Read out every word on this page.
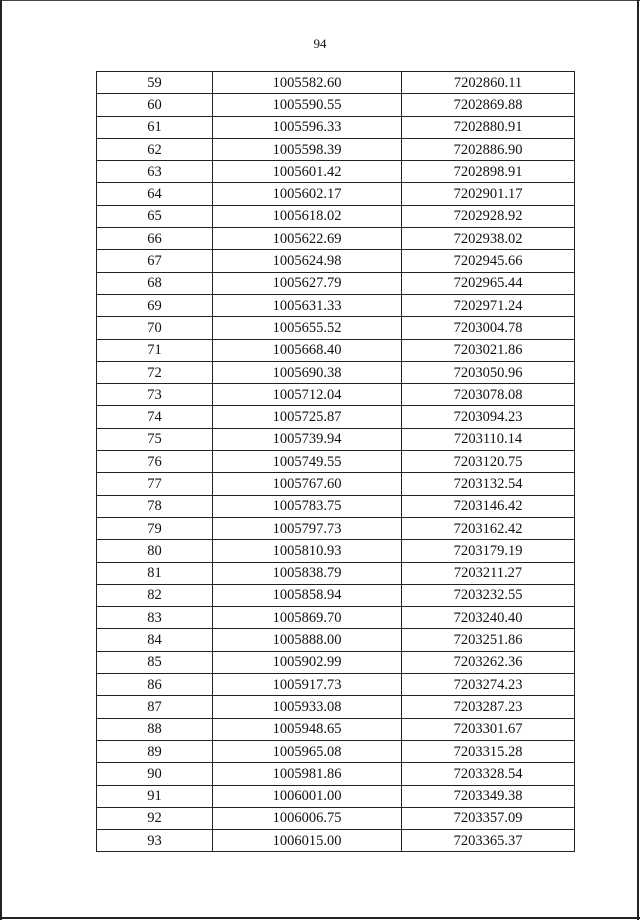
94
59	1005582.60	7202860.11
60	1005590.55	7202869.88
61	1005596.33	7202880.91
62	1005598.39	7202886.90
63	1005601.42	7202898.91
64	1005602.17	7202901.17
65	1005618.02	7202928.92
66	1005622.69	7202938.02
67	1005624.98	7202945.66
68	1005627.79	7202965.44
69	1005631.33	7202971.24
70	1005655.52	7203004.78
71	1005668.40	7203021.86
72	1005690.38	7203050.96
73	1005712.04	7203078.08
74	1005725.87	7203094.23
75	1005739.94	7203110.14
76	1005749.55	7203120.75
77	1005767.60	7203132.54
78	1005783.75	7203146.42
79	1005797.73	7203162.42
80	1005810.93	7203179.19
81	1005838.79	7203211.27
82	1005858.94	7203232.55
83	1005869.70	7203240.40
84	1005888.00	7203251.86
85	1005902.99	7203262.36
86	1005917.73	7203274.23
87	1005933.08	7203287.23
88	1005948.65	7203301.67
89	1005965.08	7203315.28
90	1005981.86	7203328.54
91	1006001.00	7203349.38
92	1006006.75	7203357.09
93	1006015.00	7203365.37
